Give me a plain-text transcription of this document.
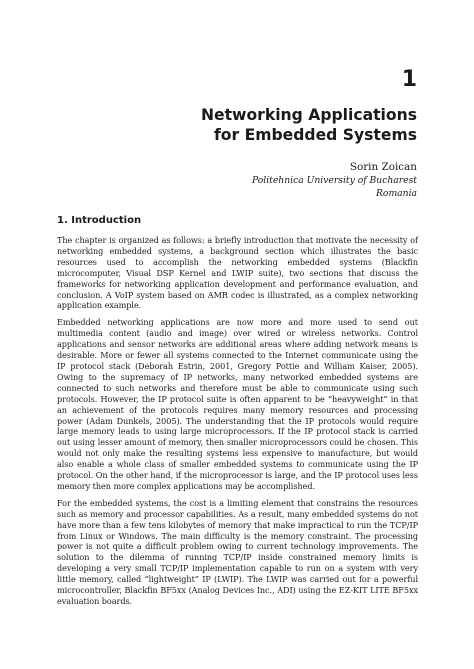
1
Networking Applications
for Embedded Systems
Sorin Zoican
Politehnica University of Bucharest
Romania
1. Introduction

The chapter is organized as follows: a briefly introduction that motivate the necessity of networking embedded systems, a background section which illustrates the basic resources used to accomplish the networking embedded systems (Blackfin microcomputer, Visual DSP Kernel and LWIP suite), two sections that discuss the frameworks for networking application development and performance evaluation, and conclusion. A VoIP system based on AMR codec is illustrated, as a complex networking application example.

Embedded networking applications are now more and more used to send out multimedia content (audio and image) over wired or wireless networks. Control applications and sensor networks are additional areas where adding network means is desirable. More or fewer all systems connected to the Internet communicate using the IP protocol stack (Deborah Estrin, 2001, Gregory Pottie and William Kaiser, 2005). Owing to the supremacy of IP networks, many networked embedded systems are connected to such networks and therefore must be able to communicate using such protocols. However, the IP protocol suite is often apparent to be “heavyweight” in that an achievement of the protocols requires many memory resources and processing power (Adam Dunkels, 2005). The understanding that the IP protocols would require large memory leads to using large microprocessors. If the IP protocol stack is carried out using lesser amount of memory, then smaller microprocessors could be chosen. This would not only make the resulting systems less expensive to manufacture, but would also enable a whole class of smaller embedded systems to communicate using the IP protocol. On the other hand, if the microprocessor is large, and the IP protocol uses less memory then more complex applications may be accomplished.

For the embedded systems, the cost is a limiting element that constrains the resources such as memory and processor capabilities. As a result, many embedded systems do not have more than a few tens kilobytes of memory that make impractical to run the TCP/IP from Linux or Windows. The main difficulty is the memory constraint. The processing power is not quite a difficult problem owing to current technology improvements. The solution to the dilemma of running TCP/IP inside constrained memory limits is developing a very small TCP/IP implementation capable to run on a system with very little memory, called “lightweight” IP (LWIP). The LWIP was carried out for a powerful microcontroller, Blackfin BF5xx (Analog Devices Inc., ADI) using the EZ-KIT LITE BF5xx evaluation boards.
